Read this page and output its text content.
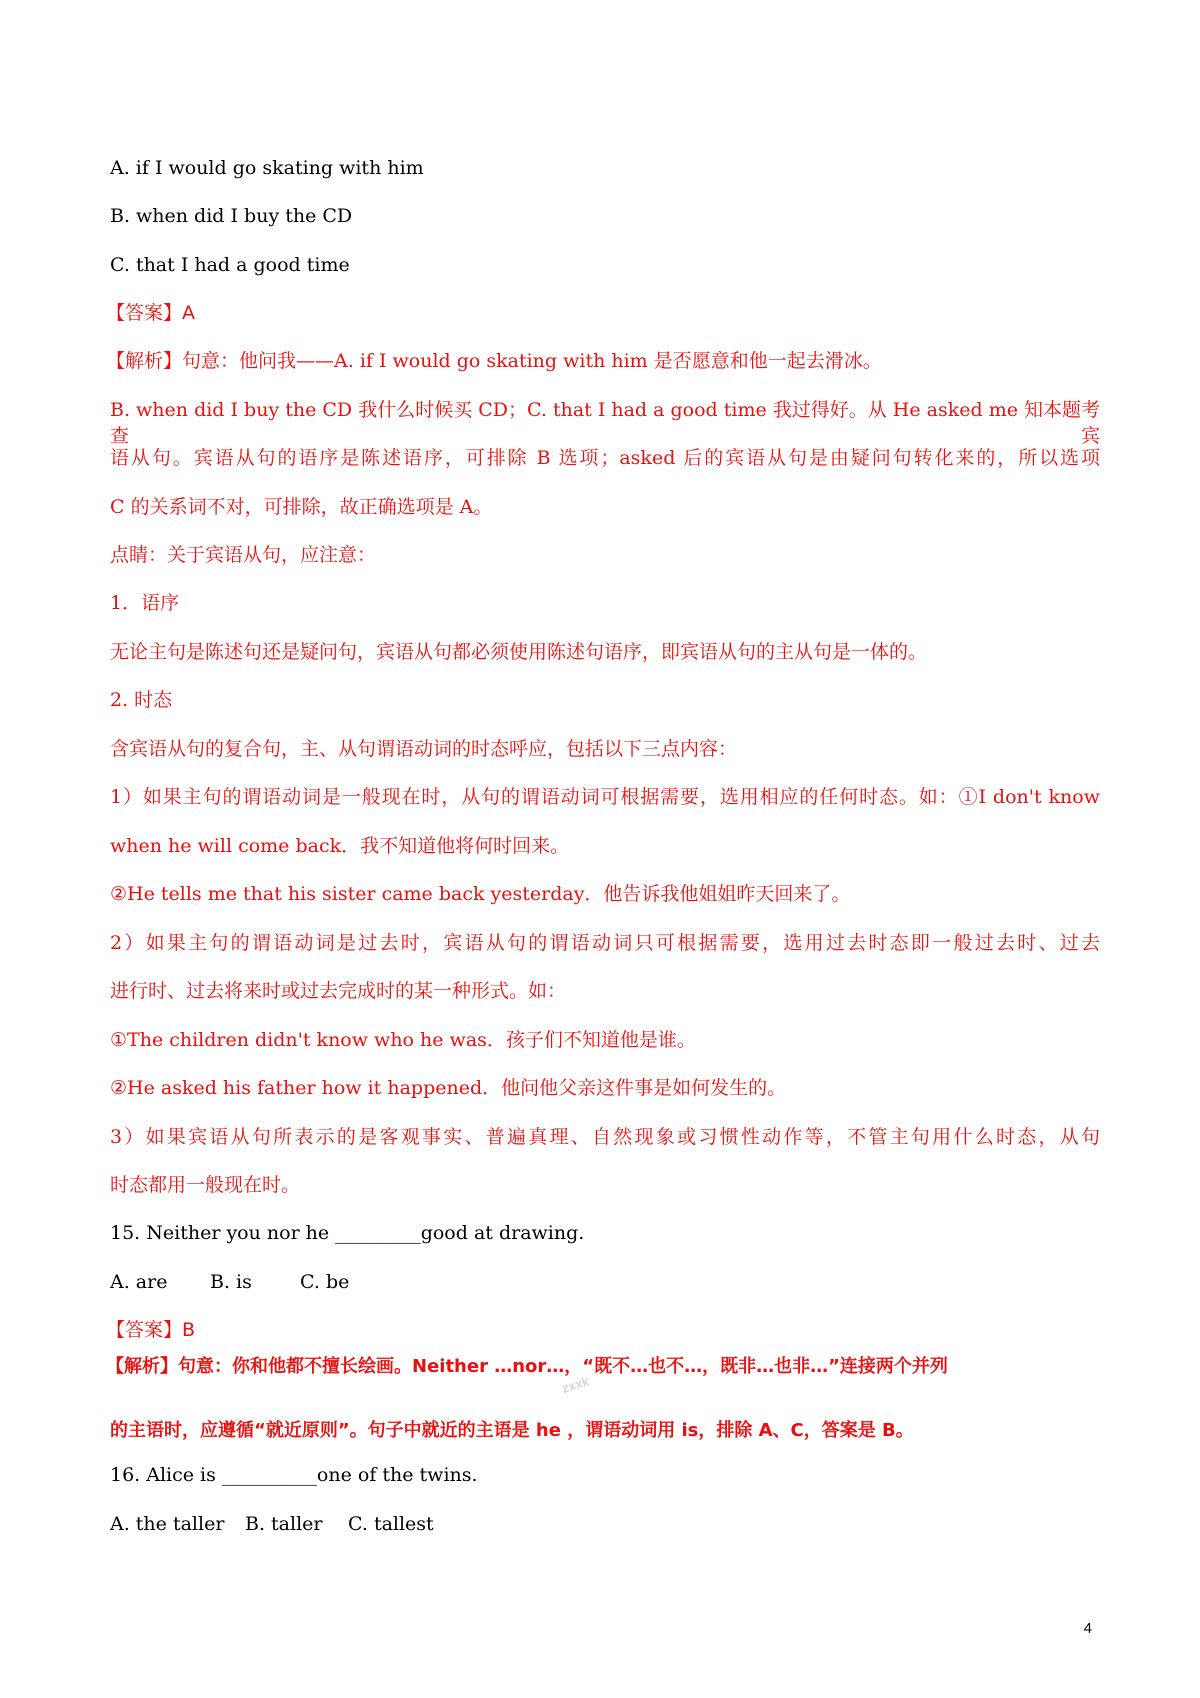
A. if I would go skating with him
B. when did I buy the CD
C. that I had a good time
【答案】A
【解析】句意：他问我——A. if I would go skating with him 是否愿意和他一起去滑冰。
B. when did I buy the CD 我什么时候买 CD；C. that I had a good time 我过得好。从 He asked me 知本题考查宾
语从句。宾语从句的语序是陈述语序，可排除 B 选项；asked 后的宾语从句是由疑问句转化来的，所以选项
C 的关系词不对，可排除，故正确选项是 A。
点睛：关于宾语从句，应注意：
1．语序
无论主句是陈述句还是疑问句，宾语从句都必须使用陈述句语序，即宾语从句的主从句是一体的。
2. 时态
含宾语从句的复合句，主、从句谓语动词的时态呼应，包括以下三点内容：
1）如果主句的谓语动词是一般现在时，从句的谓语动词可根据需要，选用相应的任何时态。如：①I don't know
when he will come back．我不知道他将何时回来。
②He tells me that his sister came back yesterday．他告诉我他姐姐昨天回来了。
2）如果主句的谓语动词是过去时，宾语从句的谓语动词只可根据需要，选用过去时态即一般过去时、过去
进行时、过去将来时或过去完成时的某一种形式。如：
①The children didn't know who he was．孩子们不知道他是谁。
②He asked his father how it happened．他问他父亲这件事是如何发生的。
3）如果宾语从句所表示的是客观事实、普遍真理、自然现象或习惯性动作等，不管主句用什么时态，从句
时态都用一般现在时。
15. Neither you nor he _________good at drawing.
A. are B. is	C. be
【答案】B
【解析】句意：你和他都不擅长绘画。Neither …nor…，“既不…也不…，既非…也非…”连接两个并列
zxxk
的主语时，应遵循“就近原则”。句子中就近的主语是 he ，谓语动词用 is，排除 A、C，答案是 B。
16. Alice is __________one of the twins.
A. the taller B. taller C. tallest
4
